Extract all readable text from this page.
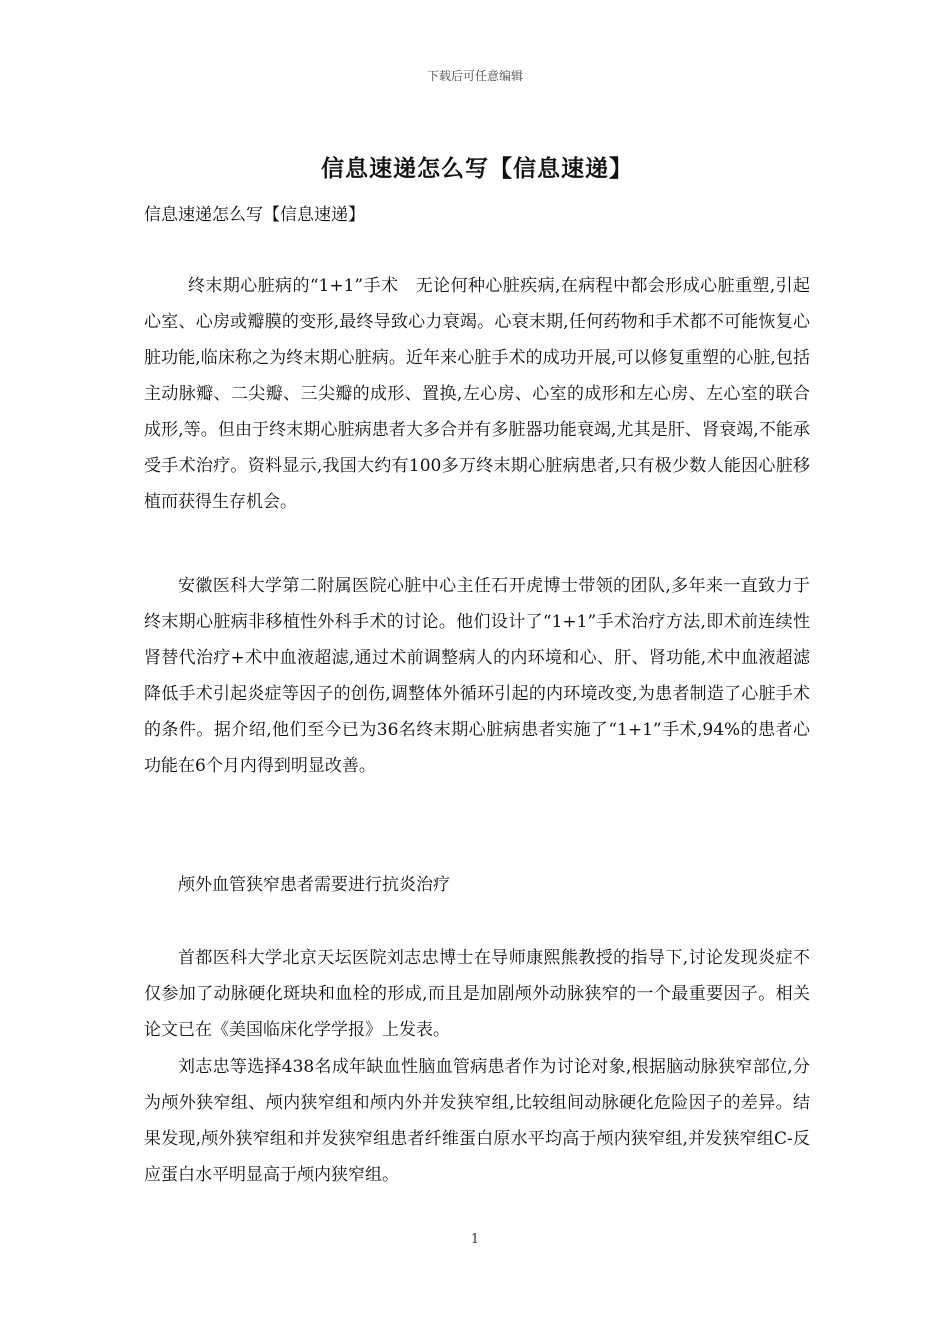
下载后可任意编辑
信息速递怎么写【信息速递】
信息速递怎么写【信息速递】

终末期心脏病的“1+1”手术　无论何种心脏疾病,在病程中都会形成心脏重塑,引起心室、心房或瓣膜的变形,最终导致心力衰竭。心衰末期,任何药物和手术都不可能恢复心脏功能,临床称之为终末期心脏病。近年来心脏手术的成功开展,可以修复重塑的心脏,包括主动脉瓣、二尖瓣、三尖瓣的成形、置换,左心房、心室的成形和左心房、左心室的联合成形,等。但由于终末期心脏病患者大多合并有多脏器功能衰竭,尤其是肝、肾衰竭,不能承受手术治疗。资料显示,我国大约有100多万终末期心脏病患者,只有极少数人能因心脏移植而获得生存机会。

安徽医科大学第二附属医院心脏中心主任石开虎博士带领的团队,多年来一直致力于终末期心脏病非移植性外科手术的讨论。他们设计了“1+1”手术治疗方法,即术前连续性肾替代治疗+术中血液超滤,通过术前调整病人的内环境和心、肝、肾功能,术中血液超滤降低手术引起炎症等因子的创伤,调整体外循环引起的内环境改变,为患者制造了心脏手术的条件。据介绍,他们至今已为36名终末期心脏病患者实施了“1+1”手术,94%的患者心功能在6个月内得到明显改善。

颅外血管狭窄患者需要进行抗炎治疗

首都医科大学北京天坛医院刘志忠博士在导师康熙熊教授的指导下,讨论发现炎症不仅参加了动脉硬化斑块和血栓的形成,而且是加剧颅外动脉狭窄的一个最重要因子。相关论文已在《美国临床化学学报》上发表。

刘志忠等选择438名成年缺血性脑血管病患者作为讨论对象,根据脑动脉狭窄部位,分为颅外狭窄组、颅内狭窄组和颅内外并发狭窄组,比较组间动脉硬化危险因子的差异。结果发现,颅外狭窄组和并发狭窄组患者纤维蛋白原水平均高于颅内狭窄组,并发狭窄组C-反应蛋白水平明显高于颅内狭窄组。

1
